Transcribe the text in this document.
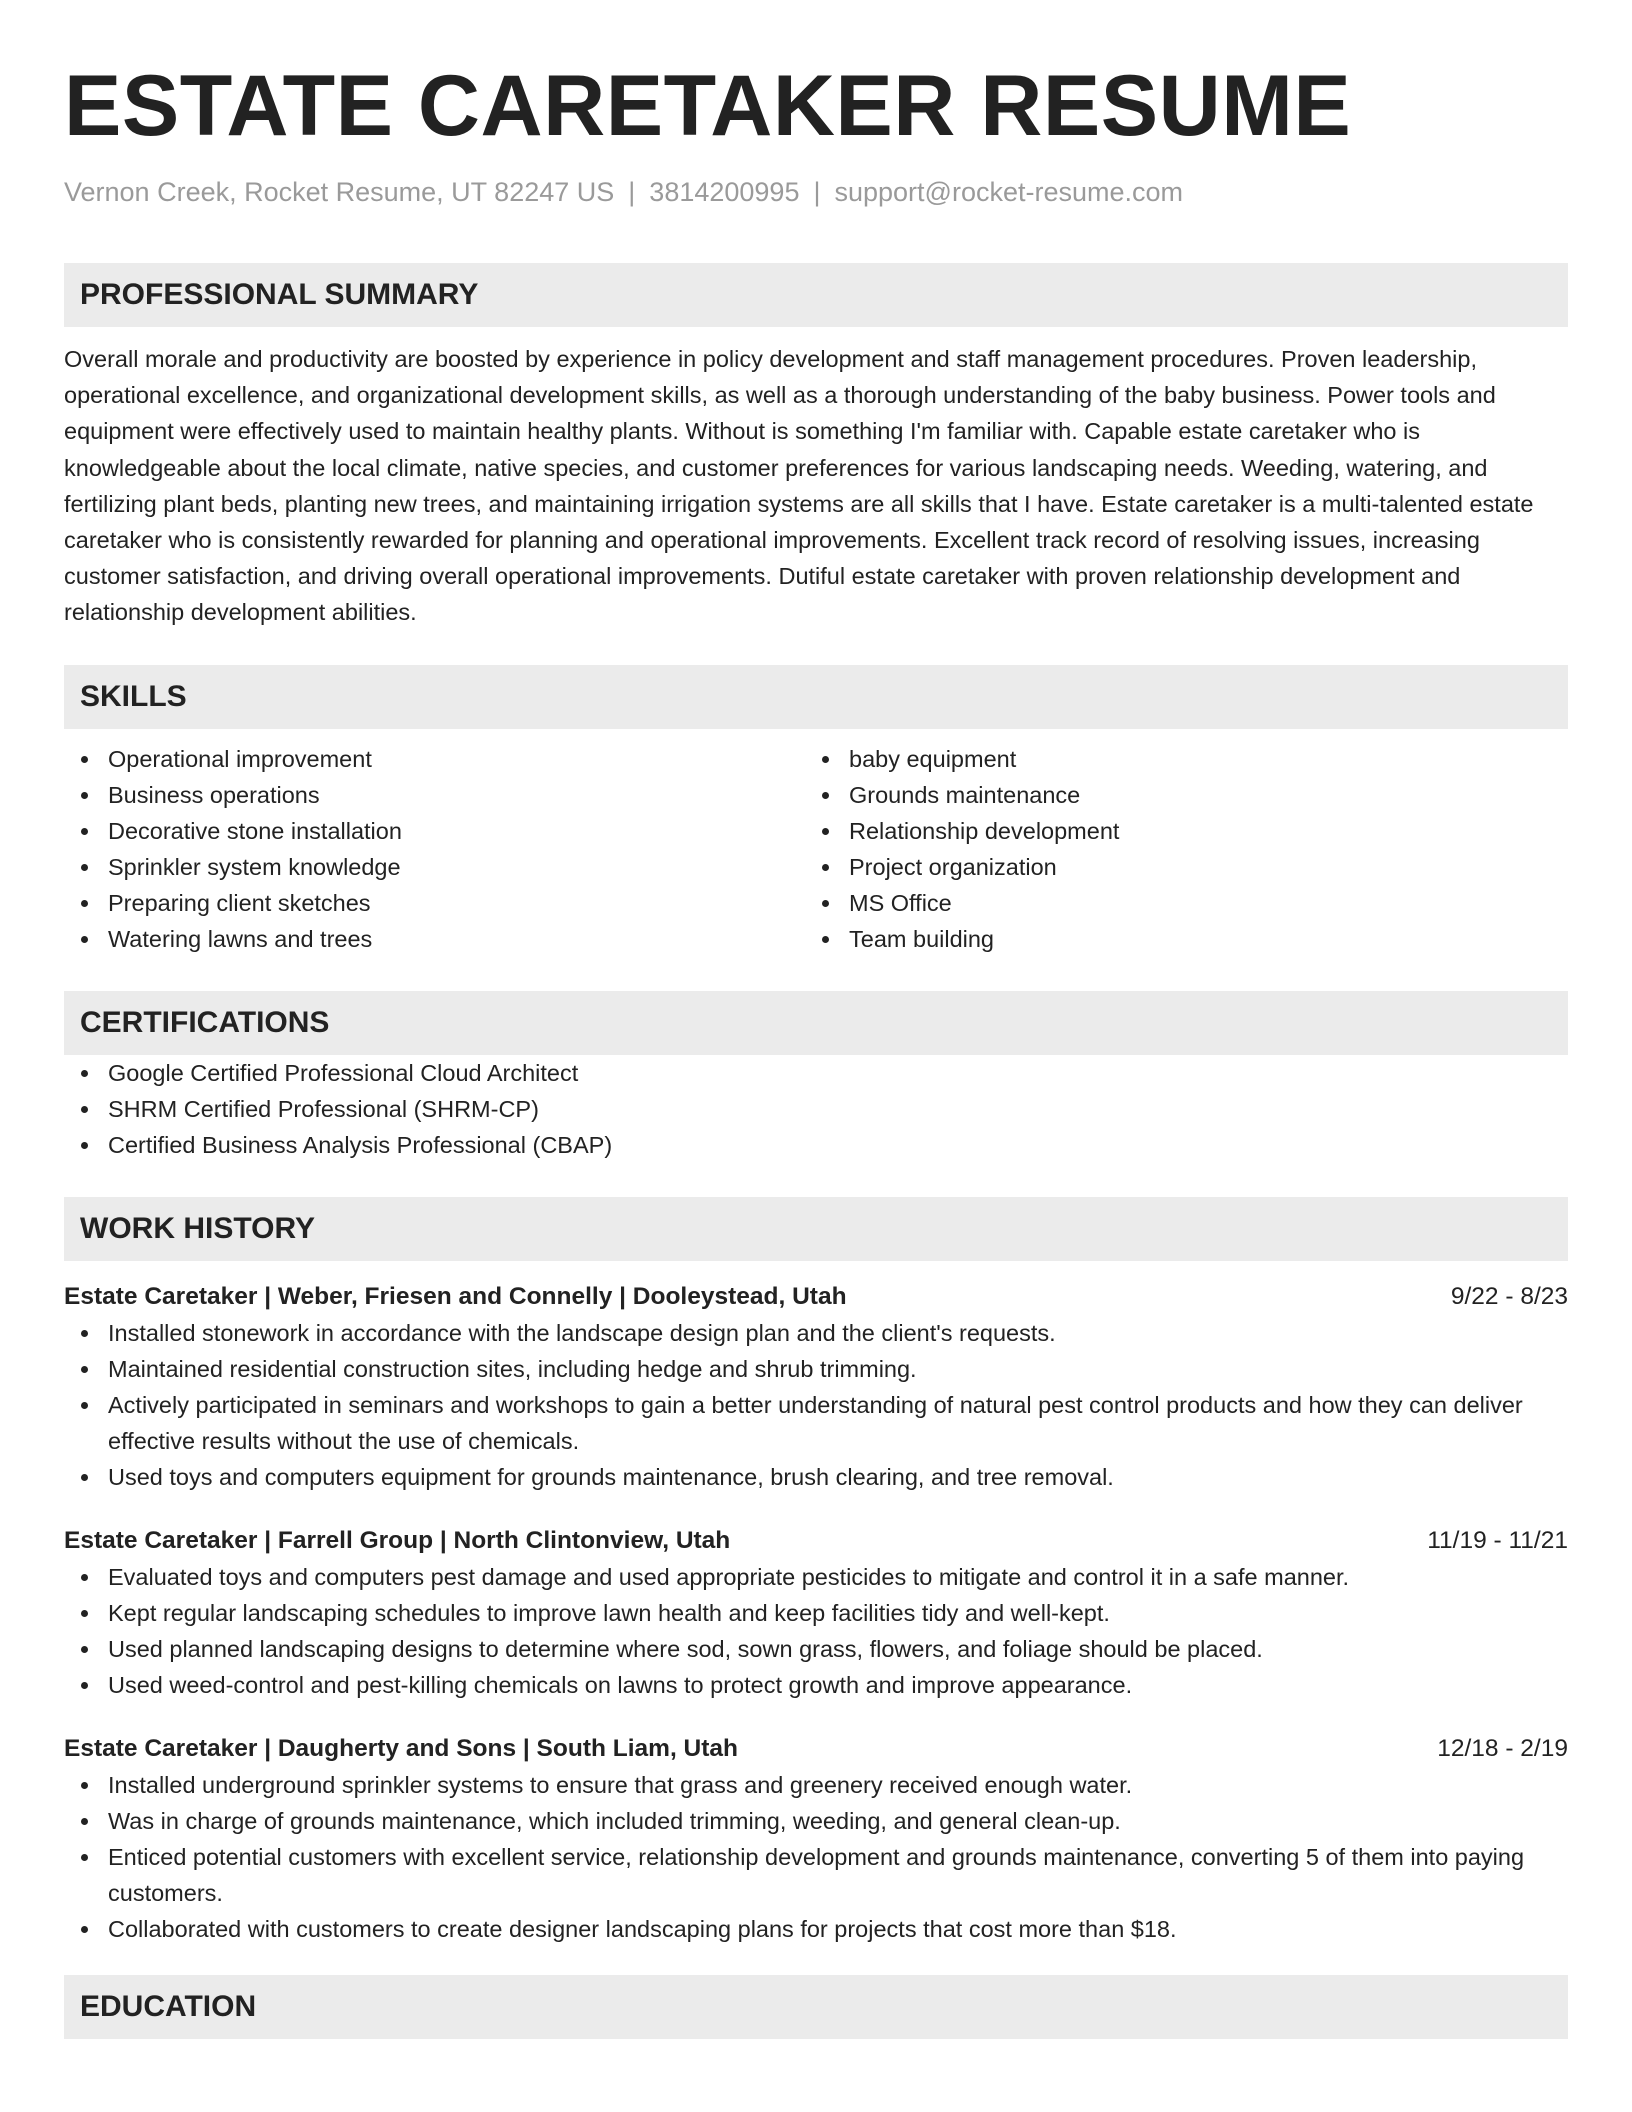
ESTATE CARETAKER RESUME
Vernon Creek, Rocket Resume, UT 82247 US | 3814200995 | support@rocket-resume.com
PROFESSIONAL SUMMARY

Overall morale and productivity are boosted by experience in policy development and staff management procedures. Proven leadership, operational excellence, and organizational development skills, as well as a thorough understanding of the baby business. Power tools and equipment were effectively used to maintain healthy plants. Without is something I'm familiar with. Capable estate caretaker who is knowledgeable about the local climate, native species, and customer preferences for various landscaping needs. Weeding, watering, and fertilizing plant beds, planting new trees, and maintaining irrigation systems are all skills that I have. Estate caretaker is a multi-talented estate caretaker who is consistently rewarded for planning and operational improvements. Excellent track record of resolving issues, increasing customer satisfaction, and driving overall operational improvements. Dutiful estate caretaker with proven relationship development and relationship development abilities.

SKILLS
Operational improvement
Business operations
Decorative stone installation
Sprinkler system knowledge
Preparing client sketches
Watering lawns and trees
baby equipment
Grounds maintenance
Relationship development
Project organization
MS Office
Team building
CERTIFICATIONS
Google Certified Professional Cloud Architect
SHRM Certified Professional (SHRM-CP)
Certified Business Analysis Professional (CBAP)
WORK HISTORY
Estate Caretaker | Weber, Friesen and Connelly | Dooleystead, Utah	9/22 - 8/23
Installed stonework in accordance with the landscape design plan and the client's requests.
Maintained residential construction sites, including hedge and shrub trimming.
Actively participated in seminars and workshops to gain a better understanding of natural pest control products and how they can deliver effective results without the use of chemicals.
Used toys and computers equipment for grounds maintenance, brush clearing, and tree removal.
Estate Caretaker | Farrell Group | North Clintonview, Utah	11/19 - 11/21
Evaluated toys and computers pest damage and used appropriate pesticides to mitigate and control it in a safe manner.
Kept regular landscaping schedules to improve lawn health and keep facilities tidy and well-kept.
Used planned landscaping designs to determine where sod, sown grass, flowers, and foliage should be placed.
Used weed-control and pest-killing chemicals on lawns to protect growth and improve appearance.
Estate Caretaker | Daugherty and Sons | South Liam, Utah	12/18 - 2/19
Installed underground sprinkler systems to ensure that grass and greenery received enough water.
Was in charge of grounds maintenance, which included trimming, weeding, and general clean-up.
Enticed potential customers with excellent service, relationship development and grounds maintenance, converting 5 of them into paying customers.
Collaborated with customers to create designer landscaping plans for projects that cost more than $18.
EDUCATION
